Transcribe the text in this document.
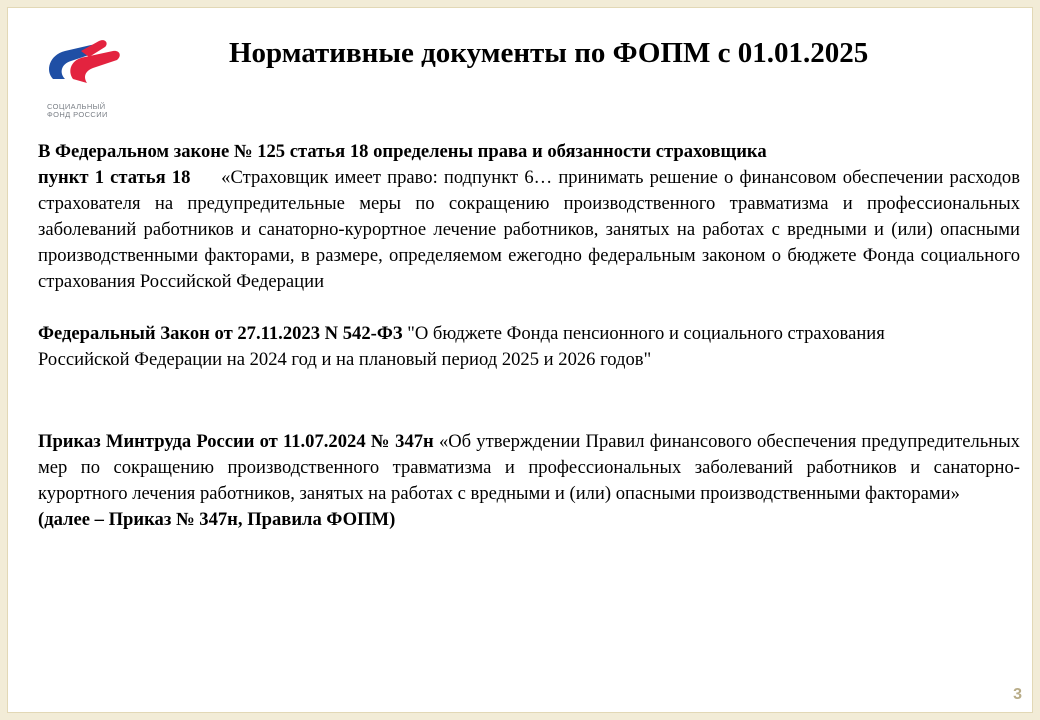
СОЦИАЛЬНЫЙ
ФОНД РОССИИ
Нормативные документы по ФОПМ с 01.01.2025

В Федеральном законе № 125 статья 18 определены права и обязанности страховщика
пункт 1 статья 18 «Страховщик имеет право: подпункт 6… принимать решение о финансовом обеспечении расходов страхователя на предупредительные меры по сокращению производственного травматизма и профессиональных заболеваний работников и санаторно-курортное лечение работников, занятых на работах с вредными и (или) опасными производственными факторами, в размере, определяемом ежегодно федеральным законом о бюджете Фонда социального страхования Российской Федерации

Федеральный Закон от 27.11.2023 N 542-ФЗ "О бюджете Фонда пенсионного и социального страхования
Российской Федерации на 2024 год и на плановый период 2025 и 2026 годов"

Приказ Минтруда России от 11.07.2024 № 347н «Об утверждении Правил финансового обеспечения предупредительных мер по сокращению производственного травматизма и профессиональных заболеваний работников и санаторно-курортного лечения работников, занятых на работах с вредными и (или) опасными производственными факторами»
(далее – Приказ № 347н, Правила ФОПМ)

3
